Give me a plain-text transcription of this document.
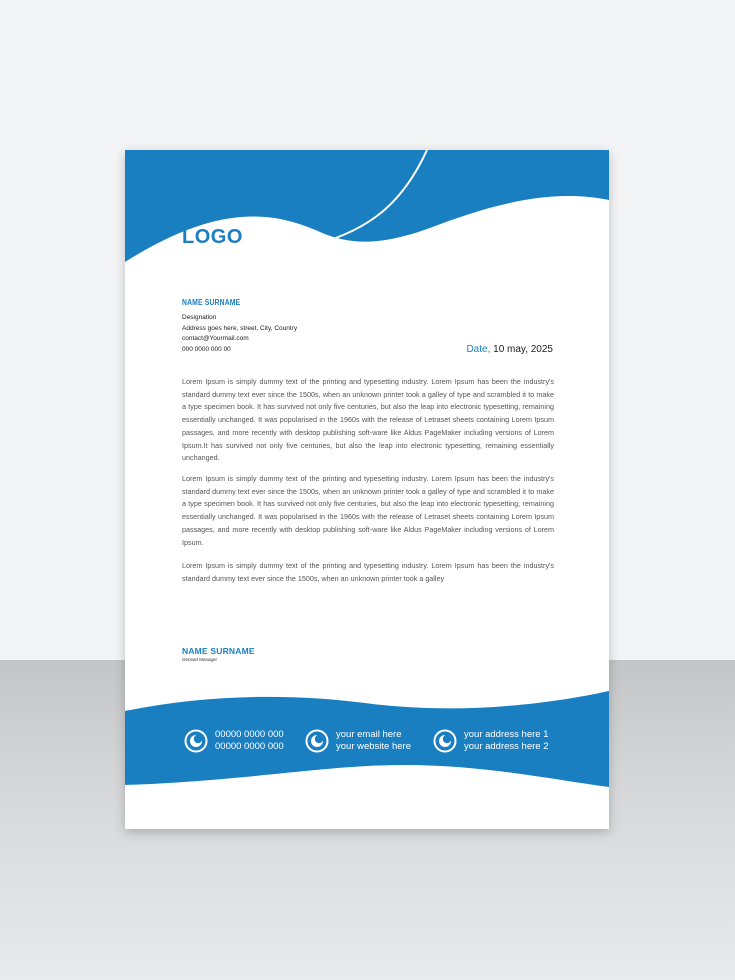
LOGO
NAME SURNAME
Designation
Address goes here, street, City, Country
contact@Yourmail.com
000 0000 000 00	Date, 10 may, 2025

Lorem Ipsum is simply dummy text of the printing and typesetting industry. Lorem Ipsum has been the industry's standard dummy text ever since the 1500s, when an unknown printer took a galley of type and scrambled it to make a type specimen book. It has survived not only five centuries, but also the leap into electronic typesetting, remaining essentially unchanged. It was popularised in the 1960s with the release of Letraset sheets containing Lorem Ipsum passages, and more recently with desktop publishing soft-ware like Aldus PageMaker including versions of Lorem Ipsum.It has survived not only five centuries, but also the leap into electronic typesetting, remaining essentially unchanged.

Lorem Ipsum is simply dummy text of the printing and typesetting industry. Lorem Ipsum has been the industry's standard dummy text ever since the 1500s, when an unknown printer took a galley of type and scrambled it to make a type specimen book. It has survived not only five centuries, but also the leap into electronic typesetting, remaining essentially unchanged. It was popularised in the 1960s with the release of Letraset sheets containing Lorem Ipsum passages, and more recently with desktop publishing soft-ware like Aldus PageMaker including versions of Lorem Ipsum.

Lorem Ipsum is simply dummy text of the printing and typesetting industry. Lorem Ipsum has been the industry's standard dummy text ever since the 1500s, when an unknown printer took a galley

NAME SURNAME
Genearl Manager
00000 0000 000
00000 0000 000
your email here
your website here
your address here 1
your address here 2
